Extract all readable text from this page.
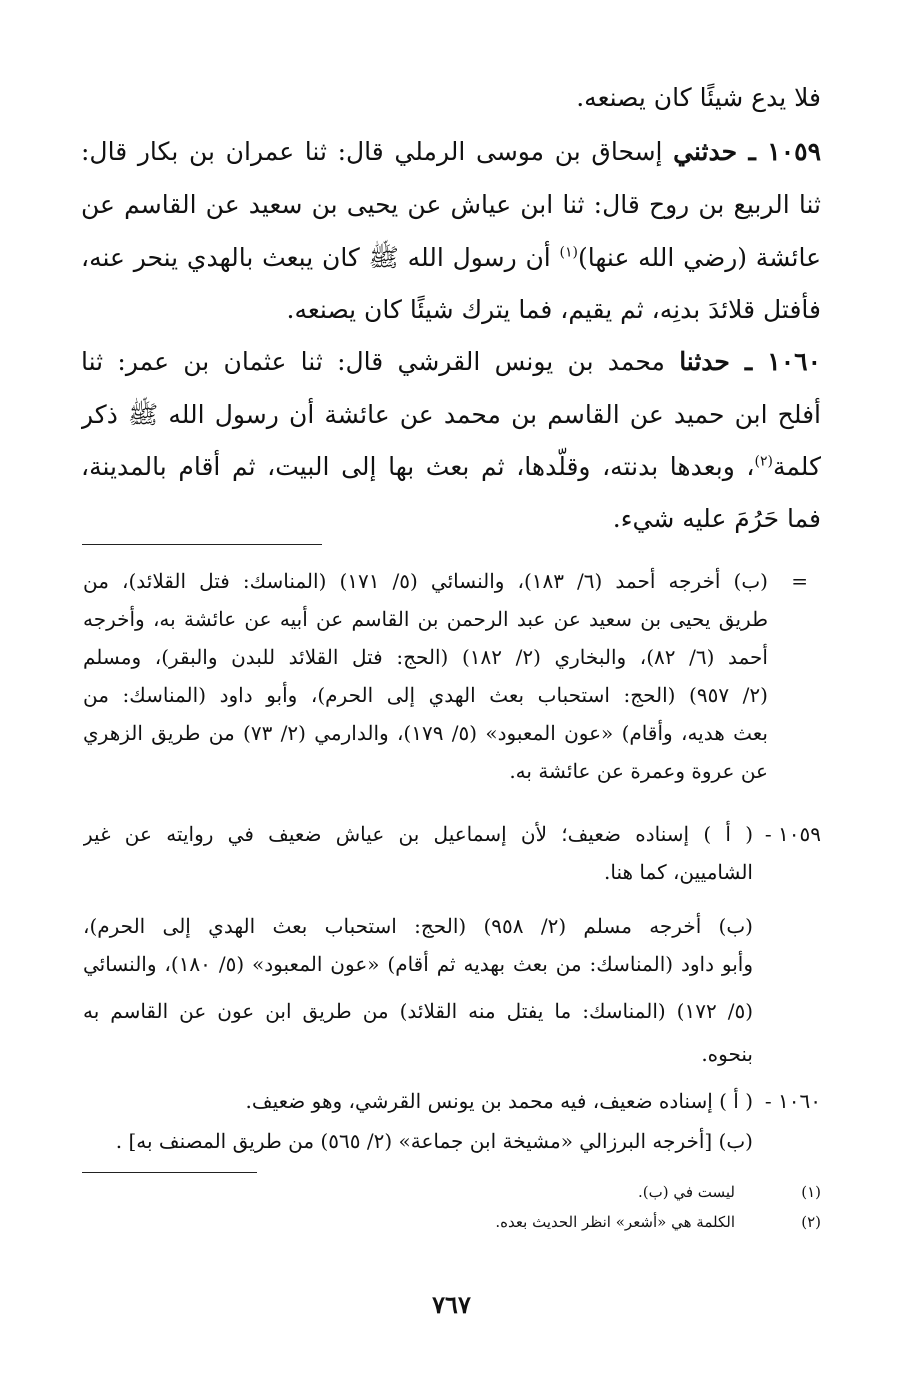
فلا يدع شيئًا كان يصنعه.
١٠٥٩ ـ حدثني إسحاق بن موسى الرملي قال: ثنا عمران بن بكار قال:
ثنا الربيع بن روح قال: ثنا ابن عياش عن يحيى بن سعيد عن القاسم عن
عائشة (رضي الله عنها)$^{(١)}$ أن رسول الله ﷺ كان يبعث بالهدي ينحر عنه،
فأفتل قلائدَ بدنِه، ثم يقيم، فما يترك شيئًا كان يصنعه.
١٠٦٠ ـ حدثنا محمد بن يونس القرشي قال: ثنا عثمان بن عمر: ثنا
أفلح ابن حميد عن القاسم بن محمد عن عائشة أن رسول الله ﷺ ذكر
كلمة$^{(٢)}$، وبعدها بدنته، وقلّدها، ثم بعث بها إلى البيت، ثم أقام بالمدينة،
فما حَرُمَ عليه شيء.
=
(ب) أخرجه أحمد (٦/ ١٨٣)، والنسائي (٥/ ١٧١) (المناسك: فتل القلائد)، من
طريق يحيى بن سعيد عن عبد الرحمن بن القاسم عن أبيه عن عائشة به، وأخرجه
أحمد (٦/ ٨٢)، والبخاري (٢/ ١٨٢) (الحج: فتل القلائد للبدن والبقر)، ومسلم
(٢/ ٩٥٧) (الحج: استحباب بعث الهدي إلى الحرم)، وأبو داود (المناسك: من
بعث هديه، وأقام) «عون المعبود» (٥/ ١٧٩)، والدارمي (٢/ ٧٣) من طريق الزهري
عن عروة وعمرة عن عائشة به.
١٠٥٩ -
( أ ) إسناده ضعيف؛ لأن إسماعيل بن عياش ضعيف في روايته عن غير
الشاميين، كما هنا.
(ب) أخرجه مسلم (٢/ ٩٥٨) (الحج: استحباب بعث الهدي إلى الحرم)،
وأبو داود (المناسك: من بعث بهديه ثم أقام) «عون المعبود» (٥/ ١٨٠)، والنسائي
(٥/ ١٧٢) (المناسك: ما يفتل منه القلائد) من طريق ابن عون عن القاسم به
بنحوه.
١٠٦٠ -
( أ ) إسناده ضعيف، فيه محمد بن يونس القرشي، وهو ضعيف.
(ب) [أخرجه البرزالي «مشيخة ابن جماعة» (٢/ ٥٦٥) من طريق المصنف به] .
(١)
ليست في (ب).
(٢)
الكلمة هي «أشعر» انظر الحديث بعده.
٧٦٧
